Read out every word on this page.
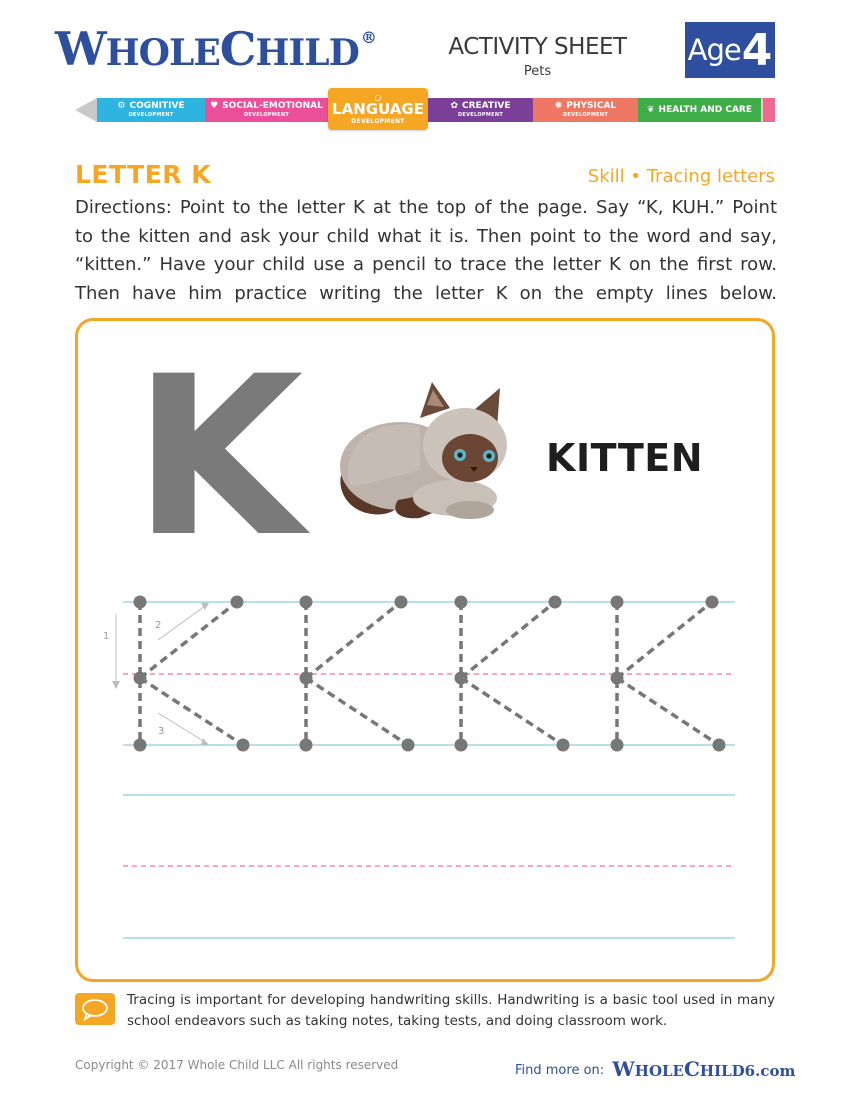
WHOLECHILD ®	ACTIVITY SHEET
Pets
Age 4
⚙ COGNITIVE
DEVELOPMENT
♥ SOCIAL-EMOTIONAL
DEVELOPMENT
○
LANGUAGE
DEVELOPMENT
✿ CREATIVE
DEVELOPMENT
✺ PHYSICAL
DEVELOPMENT
❦ HEALTH AND CARE
LETTER K	Skill • Tracing letters

Directions: Point to the letter K at the top of the page. Say “K, KUH.” Point

to the kitten and ask your child what it is. Then point to the word and say,

“kitten.” Have your child use a pencil to trace the letter K on the first row.

Then have him practice writing the letter K on the empty lines below.

K
1
2
3
KITTEN

Tracing is important for developing handwriting skills. Handwriting is a basic tool used in many

school endeavors such as taking notes, taking tests, and doing classroom work.

Copyright © 2017 Whole Child LLC All rights reserved	Find more on: WHOLECHILD6.com
